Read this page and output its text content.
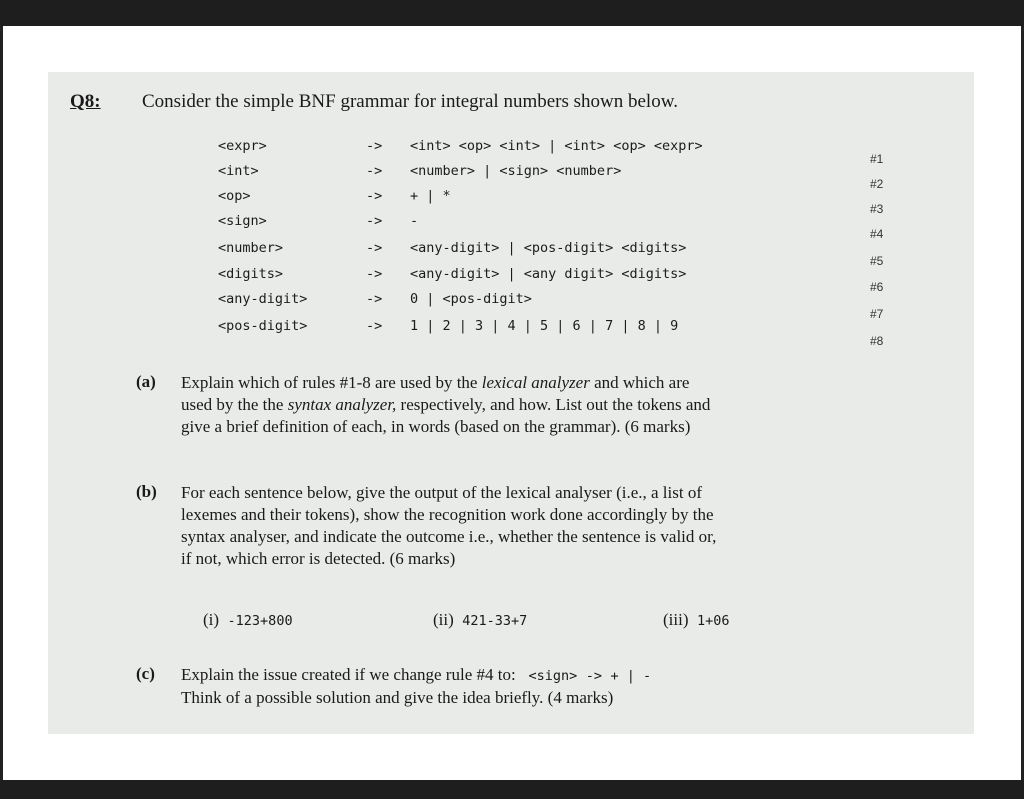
Q8: Consider the simple BNF grammar for integral numbers shown below.
<expr>	-> <int> <op> <int> | <int> <op> <expr>
#1
<int>	-> <number> | <sign> <number>
#2
<op>	-> + | *
#3
<sign>	-> -
#4
<number>	-> <any-digit> | <pos-digit> <digits>
#5
<digits>	-> <any-digit> | <any digit> <digits>
#6
<any-digit>	-> 0 | <pos-digit>
#7
<pos-digit>	-> 1 | 2 | 3 | 4 | 5 | 6 | 7 | 8 | 9
#8
(a) Explain which of rules #1-8 are used by the lexical analyzer and which are
used by the the syntax analyzer, respectively, and how. List out the tokens and
give a brief definition of each, in words (based on the grammar). (6 marks)
(b) For each sentence below, give the output of the lexical analyser (i.e., a list of
lexemes and their tokens), show the recognition work done accordingly by the
syntax analyser, and indicate the outcome i.e., whether the sentence is valid or,
if not, which error is detected. (6 marks)
(i) -123+800	(ii) 421-33+7	(iii) 1+06
(c) Explain the issue created if we change rule #4 to: <sign> -> + | -
Think of a possible solution and give the idea briefly. (4 marks)
